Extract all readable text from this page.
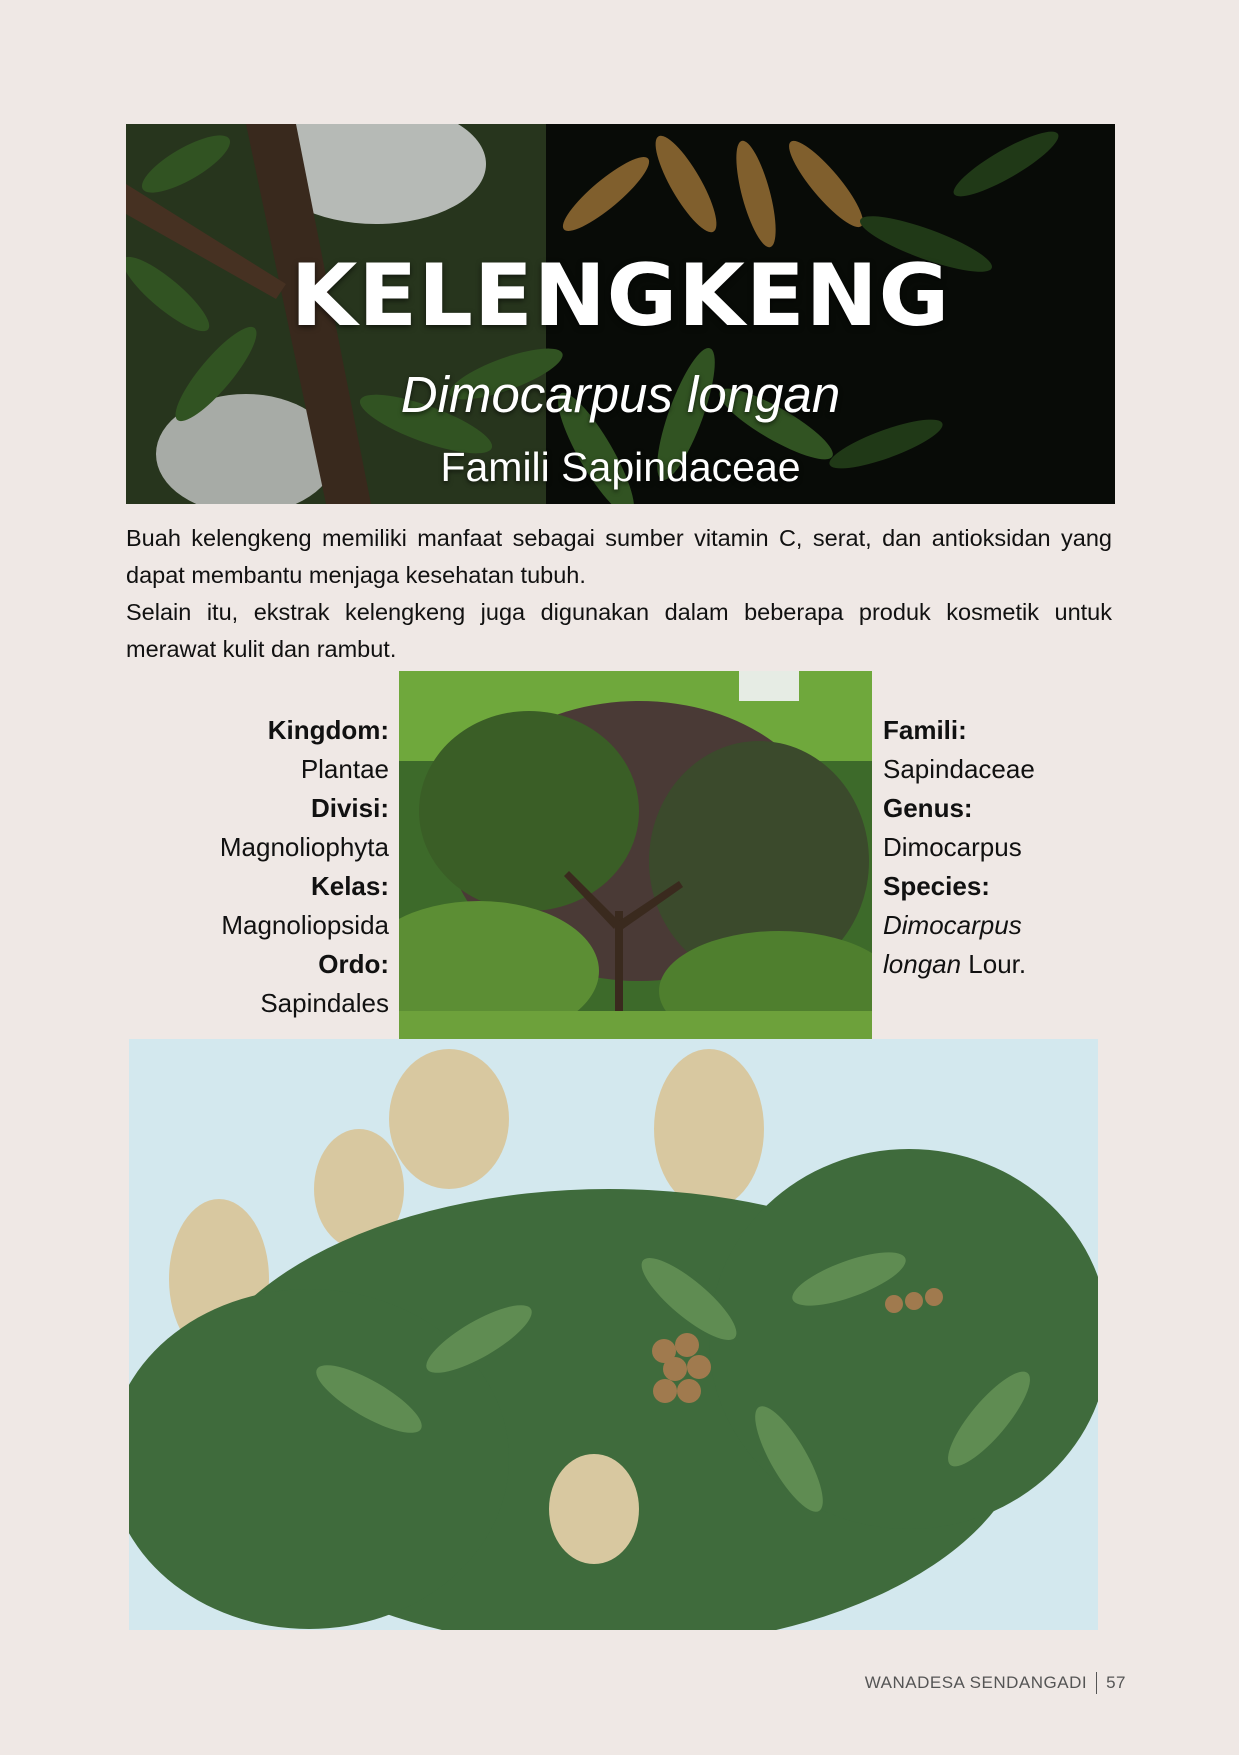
KELENGKENG
Dimocarpus longan
Famili Sapindaceae

Buah kelengkeng memiliki manfaat sebagai sumber vitamin C, serat, dan antioksidan yang dapat membantu menjaga kesehatan tubuh.

Selain itu, ekstrak kelengkeng juga digunakan dalam beberapa produk kosmetik untuk merawat kulit dan rambut.

Kingdom:
Plantae
Divisi:
Magnoliophyta
Kelas:
Magnoliopsida
Ordo:
Sapindales
Famili:
Sapindaceae
Genus:
Dimocarpus
Species:
Dimocarpus
longan Lour.
WANADESA SENDANGADI 57
